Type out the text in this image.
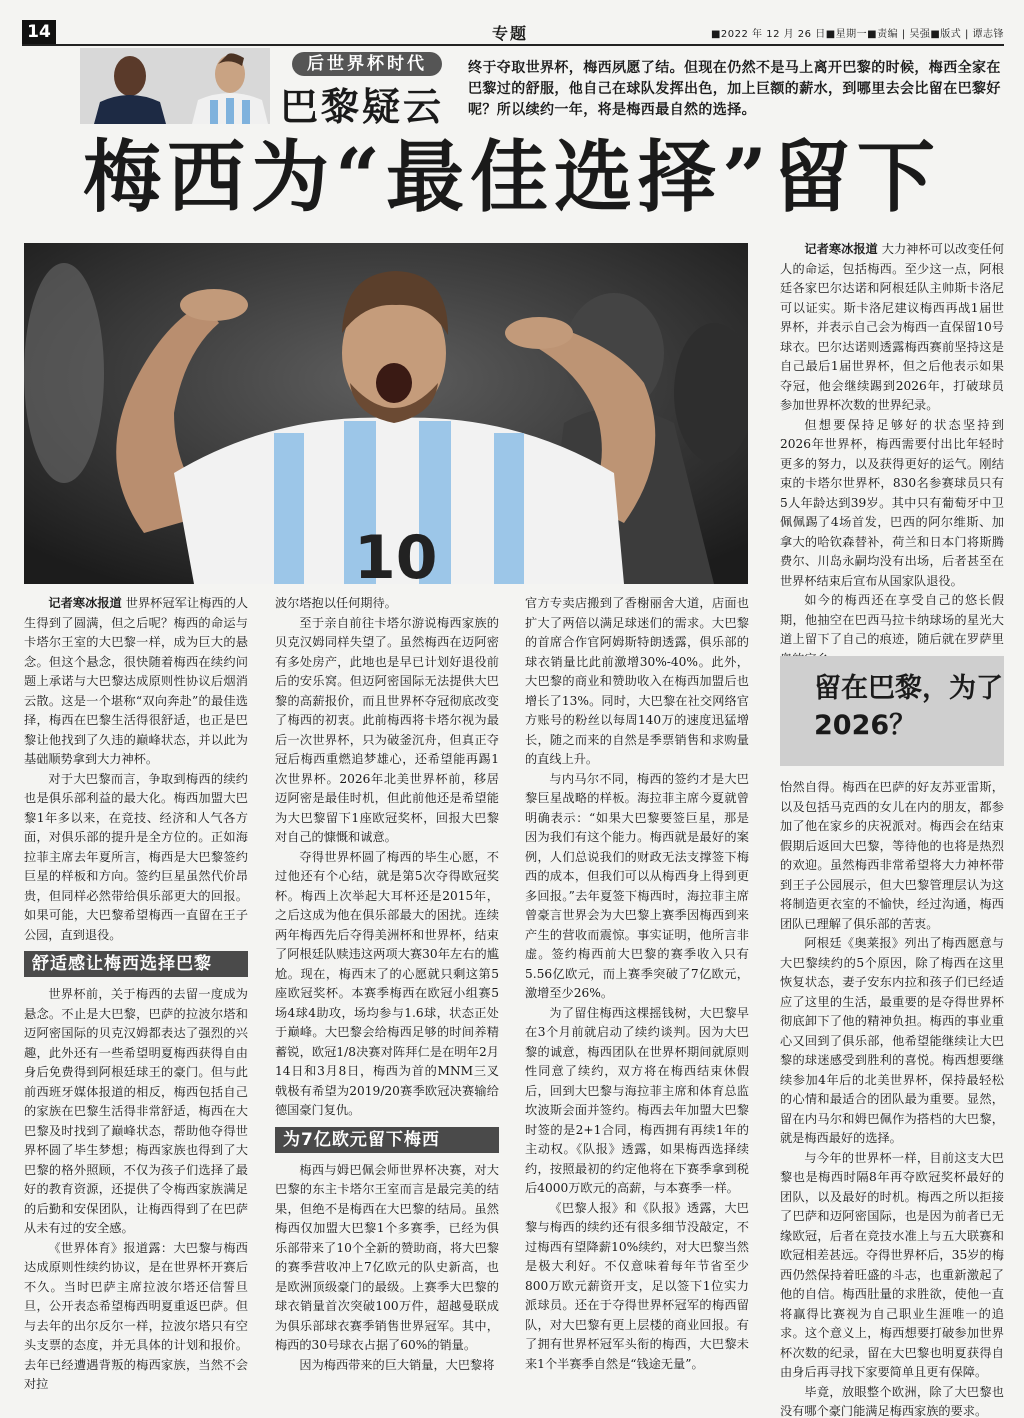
14	专题	■2022 年 12 月 26 日■星期一■责编 | 吴强■版式 | 谭志锋
后世界杯时代
巴黎疑云
终于夺取世界杯，梅西夙愿了结。但现在仍然不是马上离开巴黎的时候，梅西全家在巴黎过的舒服，他自己在球队发挥出色，加上巨额的薪水，到哪里去会比留在巴黎好呢？所以续约一年，将是梅西最自然的选择。
梅西为“最佳选择”留下
10

记者寒冰报道 世界杯冠军让梅西的人生得到了圆满，但之后呢？梅西的命运与卡塔尔王室的大巴黎一样，成为巨大的悬念。但这个悬念，很快随着梅西在续约问题上承诺与大巴黎达成原则性协议后烟消云散。这是一个堪称“双向奔赴”的最佳选择，梅西在巴黎生活得很舒适，也正是巴黎让他找到了久违的巅峰状态，并以此为基础顺势拿到大力神杯。

对于大巴黎而言，争取到梅西的续约也是俱乐部利益的最大化。梅西加盟大巴黎1年多以来，在竞技、经济和人气各方面，对俱乐部的提升是全方位的。正如海拉菲主席去年夏所言，梅西是大巴黎签约巨星的样板和方向。签约巨星虽然代价昂贵，但同样必然带给俱乐部更大的回报。如果可能，大巴黎希望梅西一直留在王子公园，直到退役。

舒适感让梅西选择巴黎

世界杯前，关于梅西的去留一度成为悬念。不止是大巴黎，巴萨的拉波尔塔和迈阿密国际的贝克汉姆都表达了强烈的兴趣，此外还有一些希望明夏梅西获得自由身后免费得到阿根廷球王的豪门。但与此前西班牙媒体报道的相反，梅西包括自己的家族在巴黎生活得非常舒适，梅西在大巴黎及时找到了巅峰状态，帮助他夺得世界杯圆了毕生梦想；梅西家族也得到了大巴黎的格外照顾，不仅为孩子们选择了最好的教育资源，还提供了令梅西家族满足的后勤和安保团队，让梅西得到了在巴萨从未有过的安全感。

《世界体育》报道露：大巴黎与梅西达成原则性续约协议，是在世界杯开赛后不久。当时巴萨主席拉波尔塔还信誓旦旦，公开表态希望梅西明夏重返巴萨。但与去年的出尔反尔一样，拉波尔塔只有空头支票的态度，并无具体的计划和报价。去年已经遭遇背叛的梅西家族，当然不会对拉

波尔塔抱以任何期待。

至于亲自前往卡塔尔游说梅西家族的贝克汉姆同样失望了。虽然梅西在迈阿密有多处房产，此地也是早已计划好退役前后的安乐窝。但迈阿密国际无法提供大巴黎的高薪报价，而且世界杯夺冠彻底改变了梅西的初衷。此前梅西将卡塔尔视为最后一次世界杯，只为破釜沉舟，但真正夺冠后梅西重燃追梦雄心，还希望能再踢1次世界杯。2026年北美世界杯前，移居迈阿密是最佳时机，但此前他还是希望能为大巴黎留下1座欧冠奖杯，回报大巴黎对自己的慷慨和诚意。

夺得世界杯圆了梅西的毕生心愿，不过他还有个心结，就是第5次夺得欧冠奖杯。梅西上次举起大耳杯还是2015年，之后这成为他在俱乐部最大的困扰。连续两年梅西先后夺得美洲杯和世界杯，结束了阿根廷队赎违这两项大赛30年左右的尴尬。现在，梅西末了的心愿就只剩这第5座欧冠奖杯。本赛季梅西在欧冠小组赛5场4球4助攻，场均参与1.6球，状态正处于巅峰。大巴黎会给梅西足够的时间养精蓄锐，欧冠1/8决赛对阵拜仁是在明年2月14日和3月8日，梅西为首的MNM三叉戟极有希望为2019/20赛季欧冠决赛输给德国豪门复仇。

为7亿欧元留下梅西

梅西与姆巴佩会师世界杯决赛，对大巴黎的东主卡塔尔王室而言是最完美的结果，但绝不是梅西在大巴黎的结局。虽然梅西仅加盟大巴黎1个多赛季，已经为俱乐部带来了10个全新的赞助商，将大巴黎的赛季营收冲上7亿欧元的队史新高，也是欧洲顶级豪门的最级。上赛季大巴黎的球衣销量首次突破100万件，超越曼联成为俱乐部球衣赛季销售世界冠军。其中，梅西的30号球衣占据了60%的销量。

因为梅西带来的巨大销量，大巴黎将

官方专卖店搬到了香榭丽舍大道，店面也扩大了两倍以满足球迷们的需求。大巴黎的首席合作官阿姆斯特朗透露，俱乐部的球衣销量比此前激增30%-40%。此外，大巴黎的商业和赞助收入在梅西加盟后也增长了13%。同时，大巴黎在社交网络官方账号的粉丝以每周140万的速度迅猛增长，随之而来的自然是季票销售和求购量的直线上升。

与内马尔不同，梅西的签约才是大巴黎巨星战略的样板。海拉菲主席今夏就曾明确表示：“如果大巴黎要签巨星，那是因为我们有这个能力。梅西就是最好的案例，人们总说我们的财政无法支撑签下梅西的成本，但我们可以从梅西身上得到更多回报。”去年夏签下梅西时，海拉菲主席曾豪言世界会为大巴黎上赛季因梅西到来产生的营收而震惊。事实证明，他所言非虚。签约梅西前大巴黎的赛季收入只有5.56亿欧元，而上赛季突破了7亿欧元，激增至少26%。

为了留住梅西这棵摇钱树，大巴黎早在3个月前就启动了续约谈判。因为大巴黎的诚意，梅西团队在世界杯期间就原则性同意了续约，双方将在梅西结束休假后，回到大巴黎与海拉菲主席和体育总监坎波斯会面并签约。梅西去年加盟大巴黎时签的是2+1合同，梅西拥有再续1年的主动权。《队报》透露，如果梅西选择续约，按照最初的约定他将在下赛季拿到税后4000万欧元的高薪，与本赛季一样。

《巴黎人报》和《队报》透露，大巴黎与梅西的续约还有很多细节没敲定，不过梅西有望降薪10%续约，对大巴黎当然是极大利好。不仅意味着每年节省至少800万欧元薪资开支，足以签下1位实力派球员。还在于夺得世界杯冠军的梅西留队，对大巴黎有更上层楼的商业回报。有了拥有世界杯冠军头衔的梅西，大巴黎未来1个半赛季自然是“钱途无量”。

记者寒冰报道 大力神杯可以改变任何人的命运，包括梅西。至少这一点，阿根廷各家巴尔达诺和阿根廷队主帅斯卡洛尼可以证实。斯卡洛尼建议梅西再战1届世界杯，并表示自己会为梅西一直保留10号球衣。巴尔达诺则透露梅西赛前坚持这是自己最后1届世界杯，但之后他表示如果夺冠，他会继续踢到2026年，打破球员参加世界杯次数的世界纪录。

但想要保持足够好的状态坚持到2026年世界杯，梅西需要付出比年轻时更多的努力，以及获得更好的运气。刚结束的卡塔尔世界杯，830名参赛球员只有5人年龄达到39岁。其中只有葡萄牙中卫佩佩踢了4场首发，巴西的阿尔维斯、加拿大的哈钦森替补，荷兰和日本门将斯腾费尔、川岛永嗣均没有出场，后者甚至在世界杯结束后宣布从国家队退役。

如今的梅西还在享受自己的悠长假期，他抽空在巴西马拉卡纳球场的星光大道上留下了自己的痕迹，随后就在罗萨里

留在巴黎，为了2026？

怡然自得。梅西在巴萨的好友苏亚雷斯，以及包括马克西的女儿在内的朋友，都参加了他在家乡的庆祝派对。梅西会在结束假期后返回大巴黎，等待他的也将是热烈的欢迎。虽然梅西非常希望将大力神杯带到王子公园展示，但大巴黎管理层认为这将制造更衣室的不愉快，经过沟通，梅西团队已理解了俱乐部的苦衷。

阿根廷《奥莱报》列出了梅西愿意与大巴黎续约的5个原因，除了梅西在这里恢复状态，妻子安东内拉和孩子们已经适应了这里的生活，最重要的是夺得世界杯彻底卸下了他的精神负担。梅西的事业重心又回到了俱乐部，他希望能继续让大巴黎的球迷感受到胜利的喜悦。梅西想要继续参加4年后的北美世界杯，保持最轻松的心情和最适合的团队最为重要。显然，留在内马尔和姆巴佩作为搭档的大巴黎，就是梅西最好的选择。

与今年的世界杯一样，目前这支大巴黎也是梅西时隔8年再夺欧冠奖杯最好的团队，以及最好的时机。梅西之所以拒接了巴萨和迈阿密国际，也是因为前者已无缘欧冠，后者在竞技水准上与五大联赛和欧冠相差甚远。夺得世界杯后，35岁的梅西仍然保持着旺盛的斗志，也重新激起了他的自信。梅西肚量的求胜欲，使他一直将赢得比赛视为自己职业生涯唯一的追求。这个意义上，梅西想要打破参加世界杯次数的纪录，留在大巴黎也明夏获得自由身后再寻找下家要简单且更有保障。

毕竟，放眼整个欧洲，除了大巴黎也没有哪个豪门能满足梅西家族的要求。
